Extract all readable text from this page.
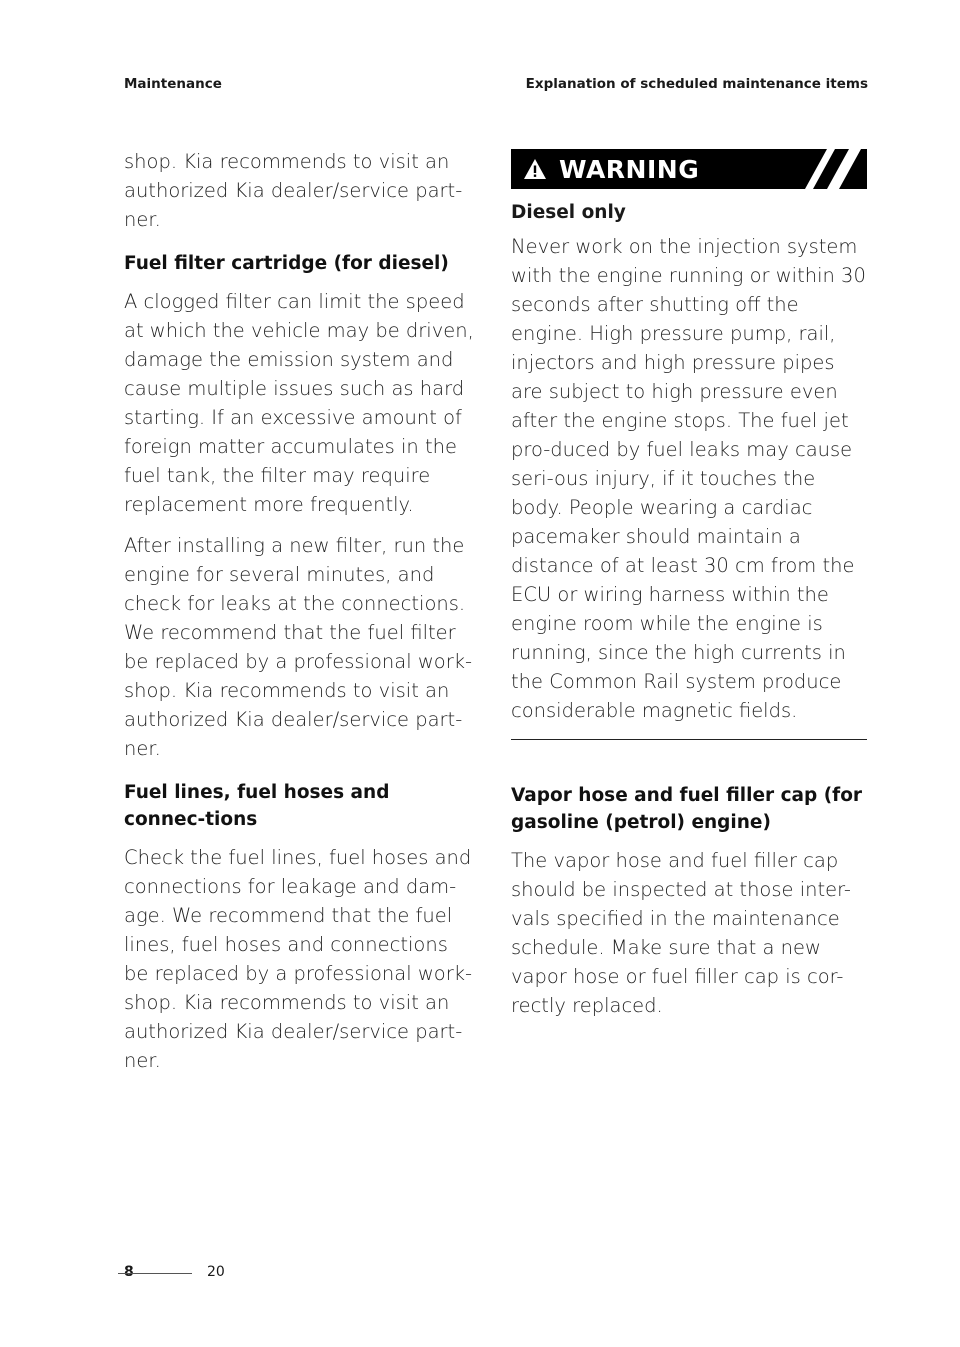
Maintenance	Explanation of scheduled maintenance items

shop. Kia recommends to visit an authorized Kia dealer/service part-ner.

Fuel filter cartridge (for diesel)

A clogged filter can limit the speed at which the vehicle may be driven, damage the emission system and cause multiple issues such as hard starting. If an excessive amount of foreign matter accumulates in the fuel tank, the filter may require replacement more frequently.

After installing a new filter, run the engine for several minutes, and check for leaks at the connections. We recommend that the fuel filter be replaced by a professional work-shop. Kia recommends to visit an authorized Kia dealer/service part-ner.

Fuel lines, fuel hoses and connec-tions

Check the fuel lines, fuel hoses and connections for leakage and dam-age. We recommend that the fuel lines, fuel hoses and connections be replaced by a professional work-shop. Kia recommends to visit an authorized Kia dealer/service part-ner.

WARNING
Diesel only

Never work on the injection system with the engine running or within 30 seconds after shutting off the engine. High pressure pump, rail, injectors and high pressure pipes are subject to high pressure even after the engine stops. The fuel jet pro-duced by fuel leaks may cause seri-ous injury, if it touches the body. People wearing a cardiac pacemaker should maintain a distance of at least 30 cm from the ECU or wiring harness within the engine room while the engine is running, since the high currents in the Common Rail system produce considerable magnetic fields.

Vapor hose and fuel filler cap (for gasoline (petrol) engine)

The vapor hose and fuel filler cap should be inspected at those inter-vals specified in the maintenance schedule. Make sure that a new vapor hose or fuel filler cap is cor-rectly replaced.

8	20
